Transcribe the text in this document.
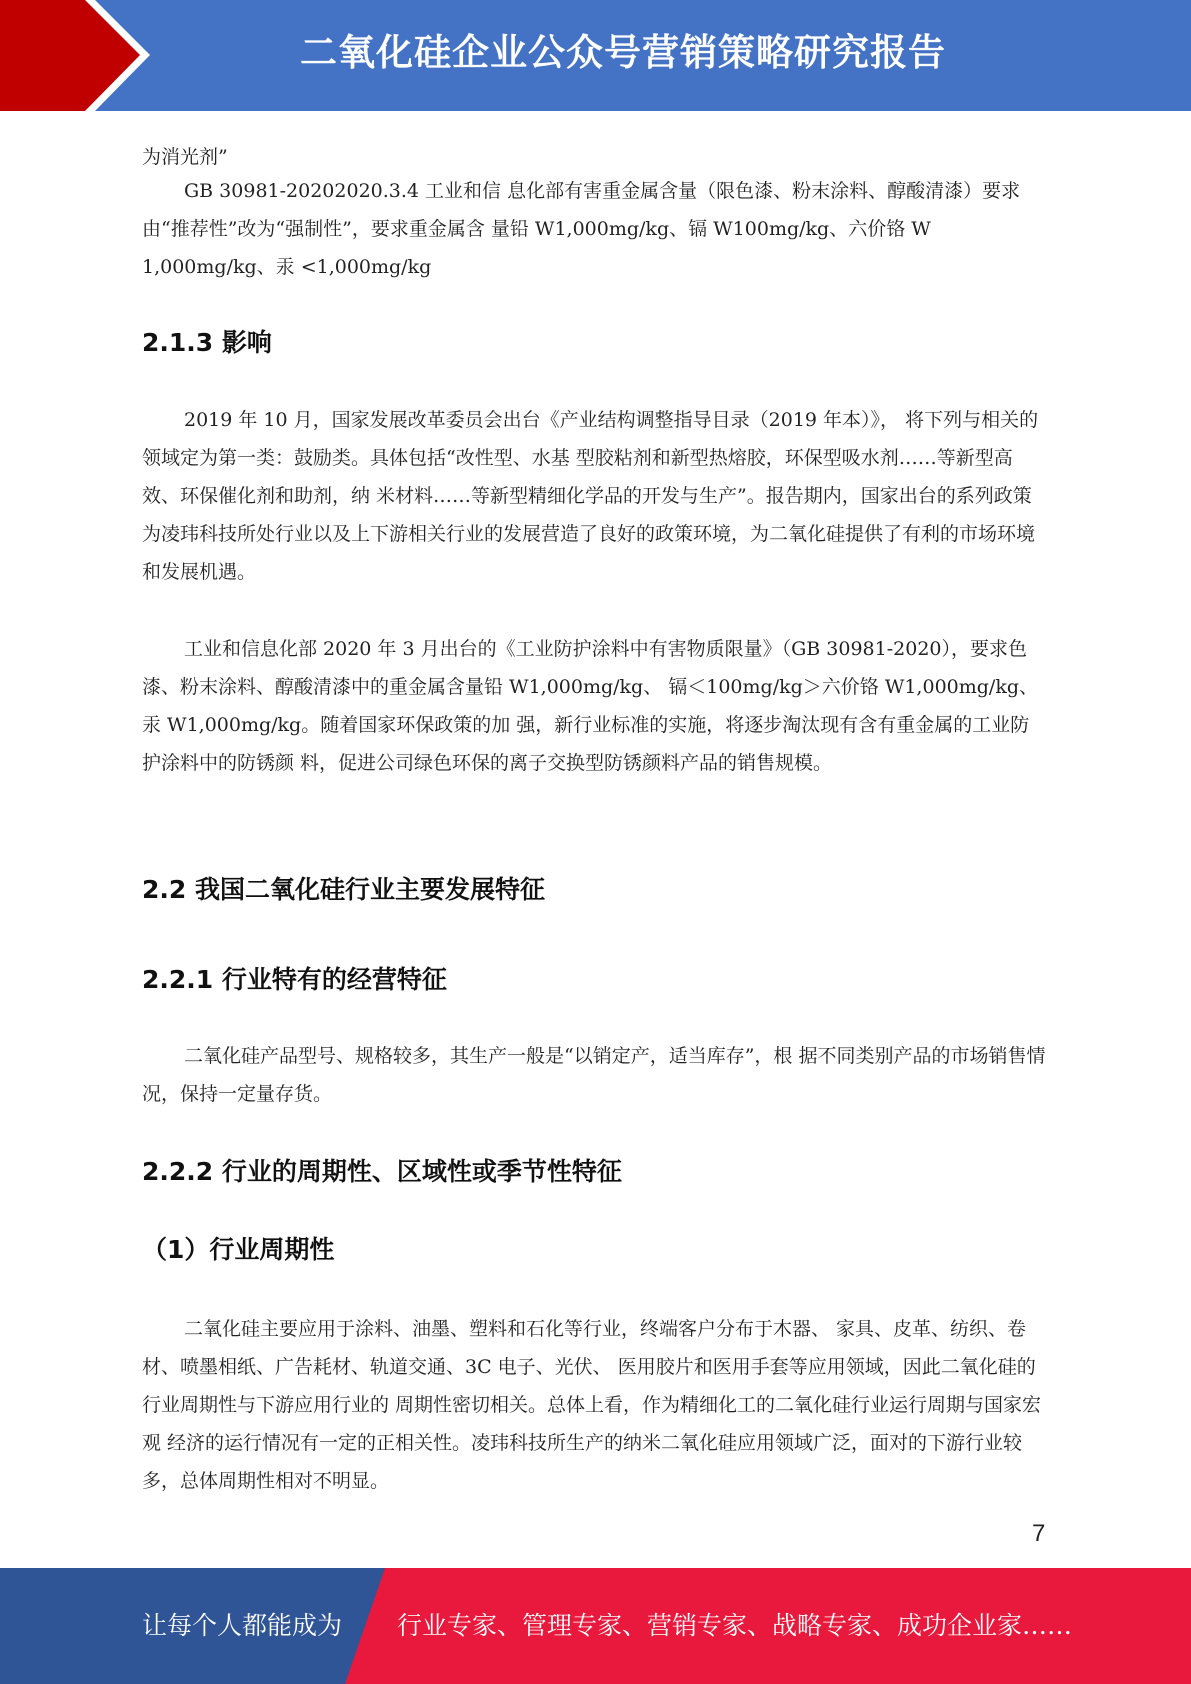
二氧化硅企业公众号营销策略研究报告

为消光剂”

GB 30981-20202020.3.4 工业和信 息化部有害重金属含量（限色漆、粉末涂料、醇酸清漆）要求由“推荐性”改为“强制性”，要求重金属含 量铅 W1,000mg/kg、镉 W100mg/kg、六价铬 W 1,000mg/kg、汞 <1,000mg/kg

2.1.3 影响

2019 年 10 月，国家发展改革委员会出台《产业结构调整指导目录（2019 年本）》， 将下列与相关的领域定为第一类：鼓励类。具体包括“改性型、水基 型胶粘剂和新型热熔胶，环保型吸水剂……等新型高效、环保催化剂和助剂，纳 米材料……等新型精细化学品的开发与生产”。报告期内，国家出台的系列政策 为凌玮科技所处行业以及上下游相关行业的发展营造了良好的政策环境，为二氧化硅提供了有利的市场环境和发展机遇。

工业和信息化部 2020 年 3 月出台的《工业防护涂料中有害物质限量》（GB 30981-2020），要求色漆、粉末涂料、醇酸清漆中的重金属含量铅 W1,000mg/kg、 镉＜100mg/kg＞六价铬 W1,000mg/kg、汞 W1,000mg/kg。随着国家环保政策的加 强，新行业标准的实施，将逐步淘汰现有含有重金属的工业防护涂料中的防锈颜 料，促进公司绿色环保的离子交换型防锈颜料产品的销售规模。

2.2 我国二氧化硅行业主要发展特征
2.2.1 行业特有的经营特征

二氧化硅产品型号、规格较多，其生产一般是“以销定产，适当库存”，根 据不同类别产品的市场销售情况，保持一定量存货。

2.2.2 行业的周期性、区域性或季节性特征
（1）行业周期性

二氧化硅主要应用于涂料、油墨、塑料和石化等行业，终端客户分布于木器、 家具、皮革、纺织、卷材、喷墨相纸、广告耗材、轨道交通、3C 电子、光伏、 医用胶片和医用手套等应用领域，因此二氧化硅的行业周期性与下游应用行业的 周期性密切相关。总体上看，作为精细化工的二氧化硅行业运行周期与国家宏观 经济的运行情况有一定的正相关性。凌玮科技所生产的纳米二氧化硅应用领域广泛，面对的下游行业较多，总体周期性相对不明显。

7
让每个人都能成为 行业专家、管理专家、营销专家、战略专家、成功企业家……
